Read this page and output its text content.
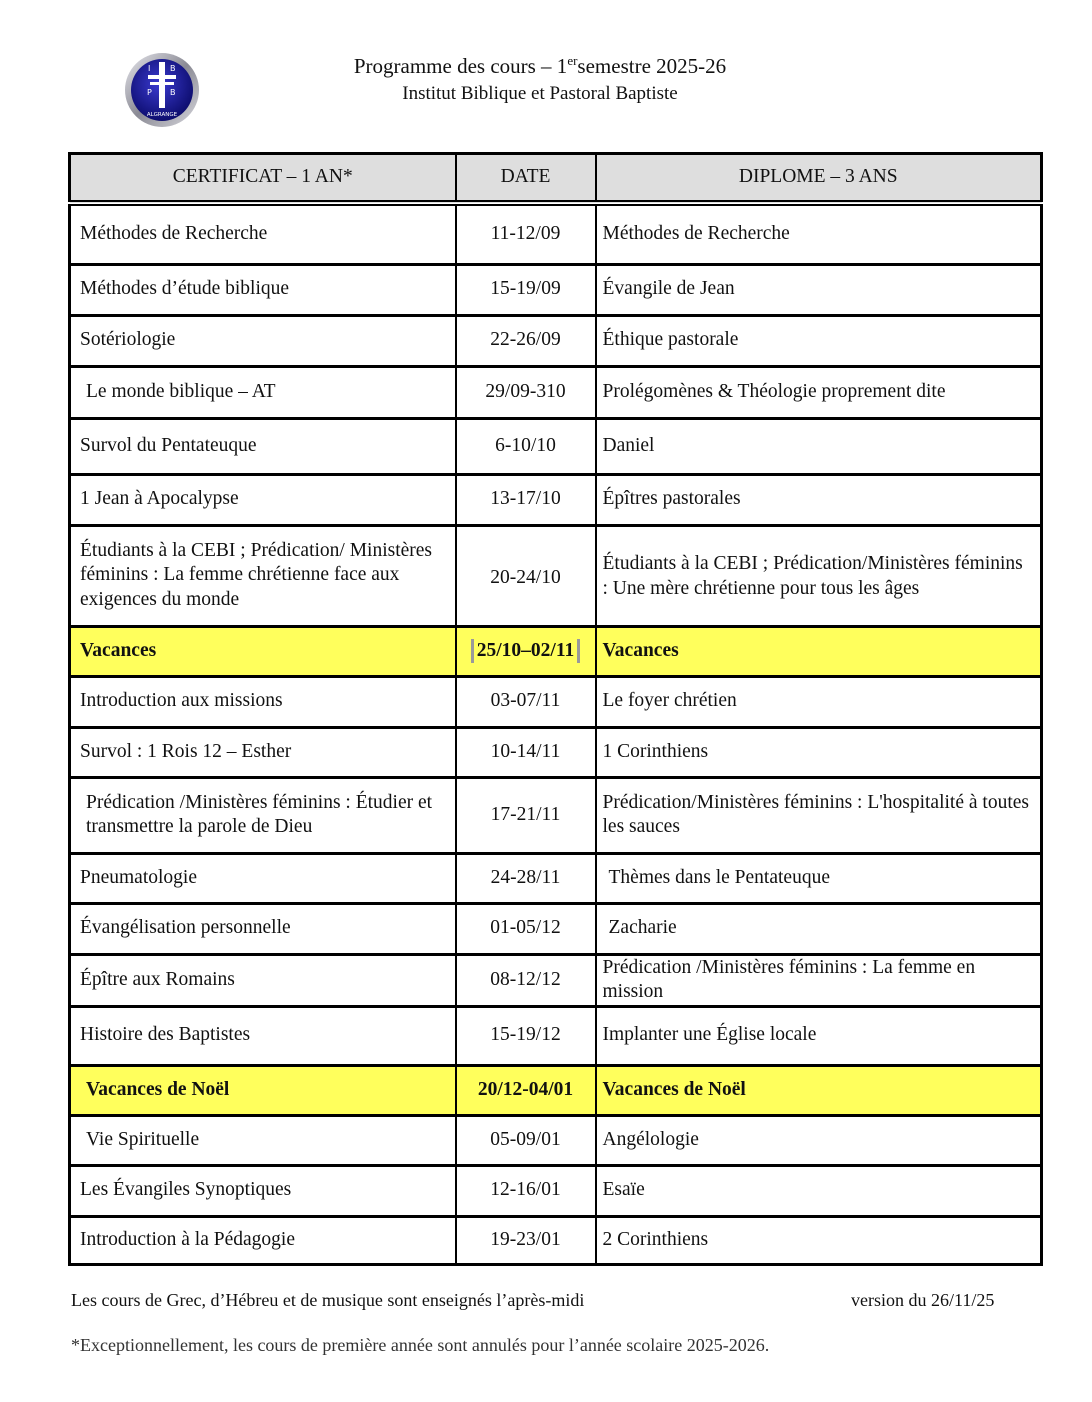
I B
P B
ALGRANGE
Programme des cours – 1ersemestre 2025-26
Institut Biblique et Pastoral Baptiste
CERTIFICAT – 1 AN*	DATE	DIPLOME – 3 ANS
Méthodes de Recherche	11-12/09	Méthodes de Recherche
Méthodes d’étude biblique	15-19/09	Évangile de Jean
Sotériologie	22-26/09	Éthique pastorale
Le monde biblique – AT	29/09-310	Prolégomènes & Théologie proprement dite
Survol du Pentateuque	6-10/10	Daniel
1 Jean à Apocalypse	13-17/10	Épîtres pastorales
Étudiants à la CEBI ; Prédication/ Ministères féminins : La femme chrétienne face aux exigences du monde	20-24/10	Étudiants à la CEBI ; Prédication/Ministères féminins : Une mère chrétienne pour tous les âges
Vacances	25/10–02/11	Vacances
Introduction aux missions	03-07/11	Le foyer chrétien
Survol : 1 Rois 12 – Esther	10-14/11	1 Corinthiens
Prédication /Ministères féminins : Étudier et transmettre la parole de Dieu	17-21/11	Prédication/Ministères féminins : L'hospitalité à toutes les sauces
Pneumatologie	24-28/11	Thèmes dans le Pentateuque
Évangélisation personnelle	01-05/12	Zacharie
Épître aux Romains	08-12/12	Prédication /Ministères féminins : La femme en mission
Histoire des Baptistes	15-19/12	Implanter une Église locale
Vacances de Noël	20/12-04/01	Vacances de Noël
Vie Spirituelle	05-09/01	Angélologie
Les Évangiles Synoptiques	12-16/01	Esaïe
Introduction à la Pédagogie	19-23/01	2 Corinthiens
Les cours de Grec, d’Hébreu et de musique sont enseignés l’après-midi	version du 26/11/25
*Exceptionnellement, les cours de première année sont annulés pour l’année scolaire 2025-2026.
